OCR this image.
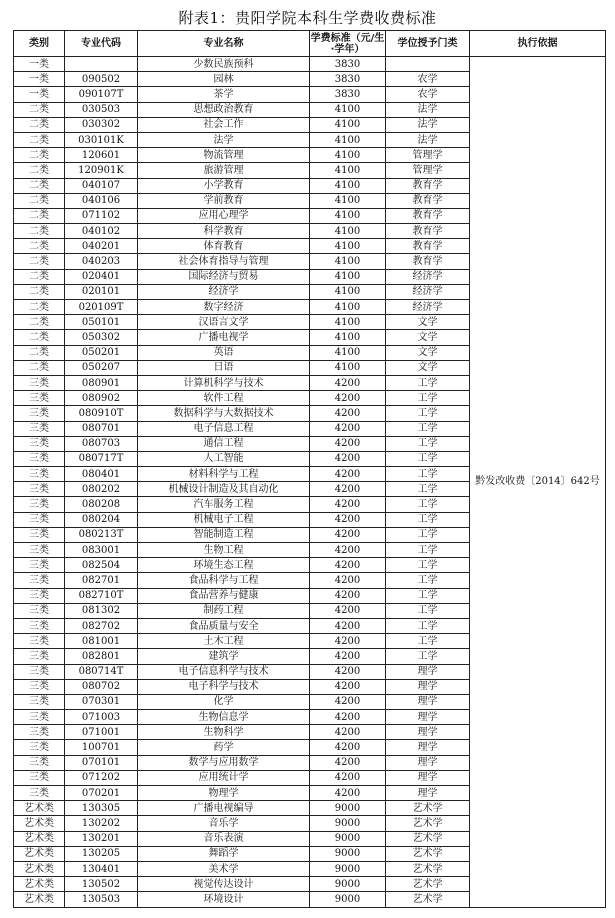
附表1：贵阳学院本科生学费收费标准
类别	专业代码	专业名称	学费标准（元/生·学年）	学位授予门类	执行依据
一类		少数民族预科	3830		黔发改收费〔2014〕642号
一类	090502	园林	3830	农学	
一类	090107T	茶学	3830	农学	
二类	030503	思想政治教育	4100	法学	
二类	030302	社会工作	4100	法学	
二类	030101K	法学	4100	法学	
二类	120601	物流管理	4100	管理学	
二类	120901K	旅游管理	4100	管理学	
二类	040107	小学教育	4100	教育学	
二类	040106	学前教育	4100	教育学	
二类	071102	应用心理学	4100	教育学	
二类	040102	科学教育	4100	教育学	
二类	040201	体育教育	4100	教育学	
二类	040203	社会体育指导与管理	4100	教育学	
二类	020401	国际经济与贸易	4100	经济学	
二类	020101	经济学	4100	经济学	
二类	020109T	数字经济	4100	经济学	
二类	050101	汉语言文学	4100	文学	
二类	050302	广播电视学	4100	文学	
二类	050201	英语	4100	文学	
二类	050207	日语	4100	文学	
三类	080901	计算机科学与技术	4200	工学	
三类	080902	软件工程	4200	工学	
三类	080910T	数据科学与大数据技术	4200	工学	
三类	080701	电子信息工程	4200	工学	
三类	080703	通信工程	4200	工学	
三类	080717T	人工智能	4200	工学	
三类	080401	材料科学与工程	4200	工学	
三类	080202	机械设计制造及其自动化	4200	工学	
三类	080208	汽车服务工程	4200	工学	
三类	080204	机械电子工程	4200	工学	
三类	080213T	智能制造工程	4200	工学	
三类	083001	生物工程	4200	工学	
三类	082504	环境生态工程	4200	工学	
三类	082701	食品科学与工程	4200	工学	
三类	082710T	食品营养与健康	4200	工学	
三类	081302	制药工程	4200	工学	
三类	082702	食品质量与安全	4200	工学	
三类	081001	土木工程	4200	工学	
三类	082801	建筑学	4200	工学	
三类	080714T	电子信息科学与技术	4200	理学	
三类	080702	电子科学与技术	4200	理学	
三类	070301	化学	4200	理学	
三类	071003	生物信息学	4200	理学	
三类	071001	生物科学	4200	理学	
三类	100701	药学	4200	理学	
三类	070101	数学与应用数学	4200	理学	
三类	071202	应用统计学	4200	理学	
三类	070201	物理学	4200	理学	
艺术类	130305	广播电视编导	9000	艺术学	
艺术类	130202	音乐学	9000	艺术学	
艺术类	130201	音乐表演	9000	艺术学	
艺术类	130205	舞蹈学	9000	艺术学	
艺术类	130401	美术学	9000	艺术学	
艺术类	130502	视觉传达设计	9000	艺术学	
艺术类	130503	环境设计	9000	艺术学	
